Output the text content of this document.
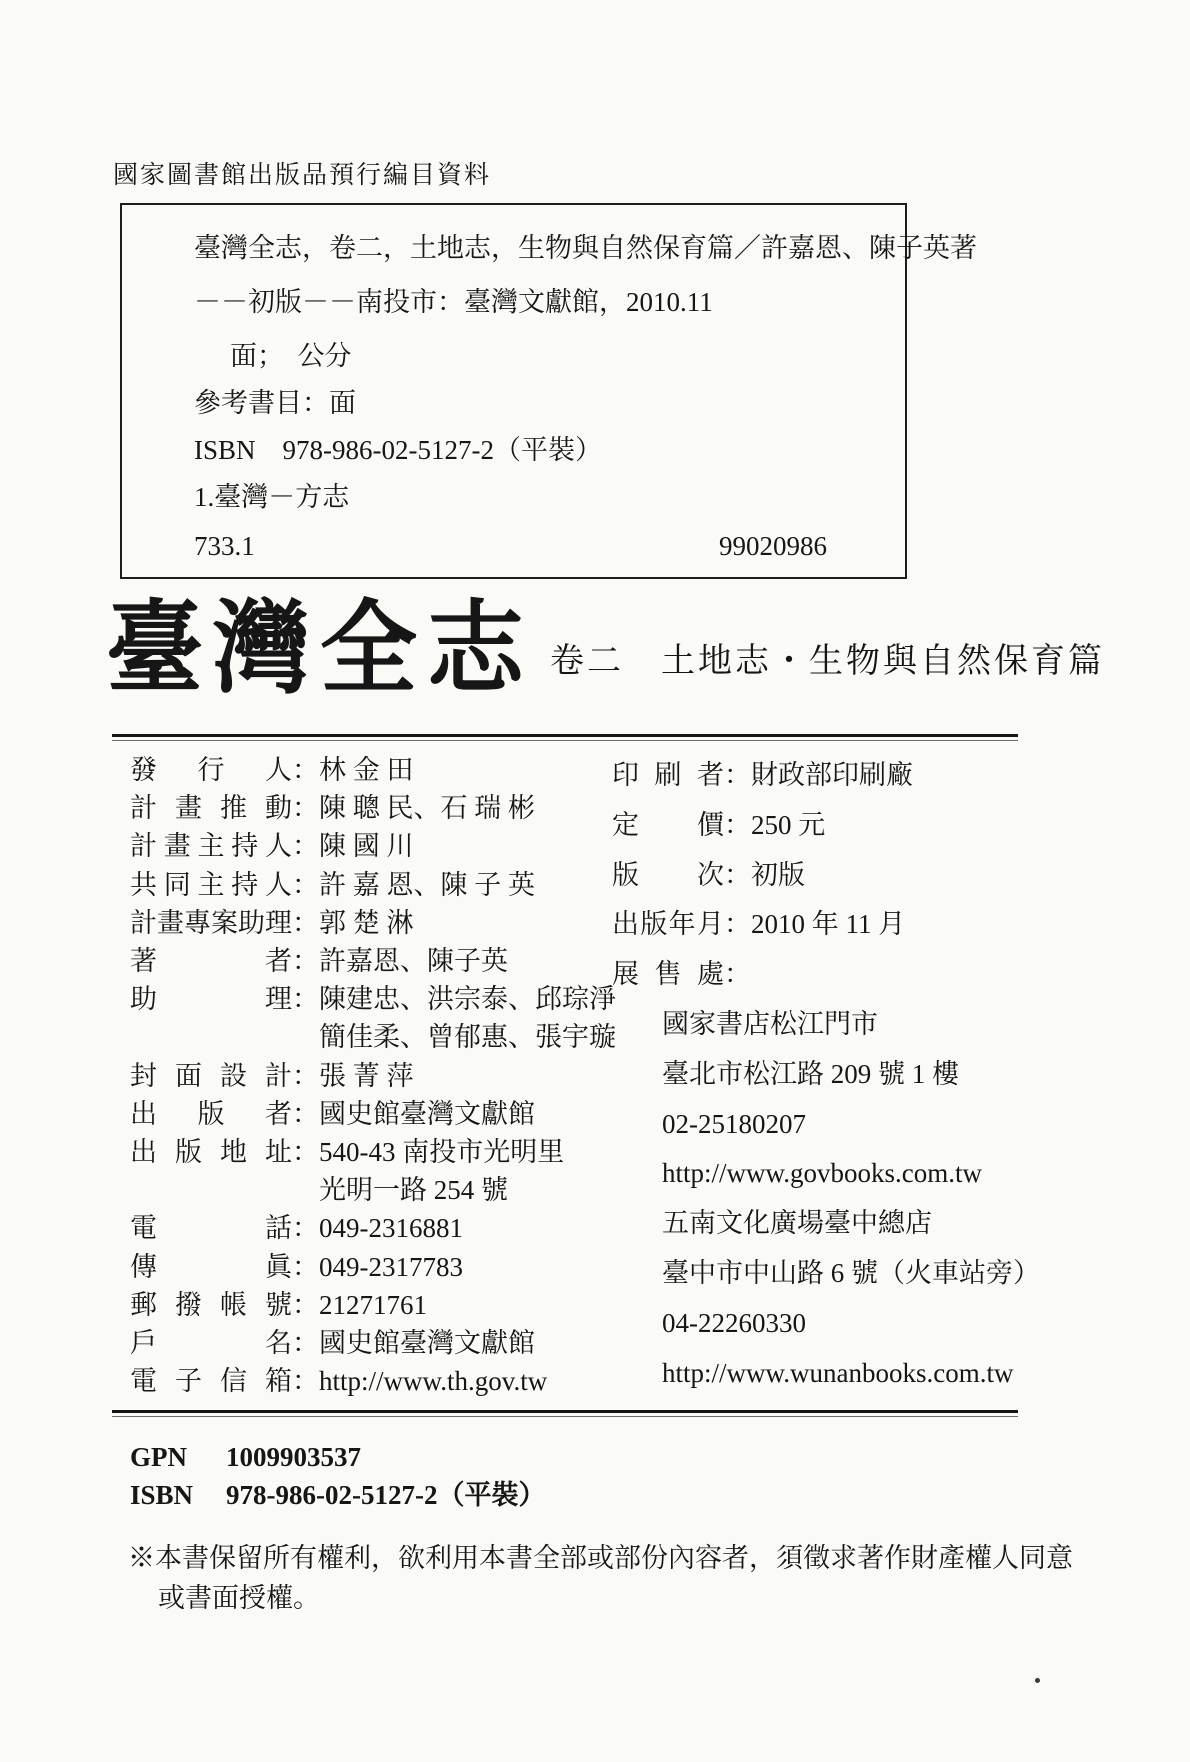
國家圖書館出版品預行編目資料
臺灣全志，卷二，土地志，生物與自然保育篇／許嘉恩、陳子英著
－－初版－－南投市：臺灣文獻館，2010.11
面；　公分
參考書目：面
ISBN　978-986-02-5127-2（平裝）
1.臺灣－方志
733.1	99020986
臺灣全志 卷二　土地志・生物與自然保育篇
發行人：林 金 田
計畫推動：陳 聰 民、石 瑞 彬
計畫主持人：陳 國 川
共同主持人：許 嘉 恩、陳 子 英
計畫專案助理：郭 楚 淋
著者：許嘉恩、陳子英
助理：陳建忠、洪宗泰、邱琮淨
簡佳柔、曾郁惠、張宇璇
封面設計：張 菁 萍
出版者：國史館臺灣文獻館
出版地址：540-43 南投市光明里
光明一路 254 號
電話：049-2316881
傳眞：049-2317783
郵撥帳號：21271761
戶名：國史館臺灣文獻館
電子信箱：http://www.th.gov.tw
印刷者：財政部印刷廠
定價：250 元
版次：初版
出版年月：2010 年 11 月
展售處：
國家書店松江門市
臺北市松江路 209 號 1 樓
02-25180207
http://www.govbooks.com.tw
五南文化廣場臺中總店
臺中市中山路 6 號（火車站旁）
04-22260330
http://www.wunanbooks.com.tw
GPN 1009903537
ISBN 978-986-02-5127-2（平裝）
※本書保留所有權利，欲利用本書全部或部份內容者，須徵求著作財產權人同意
或書面授權。
